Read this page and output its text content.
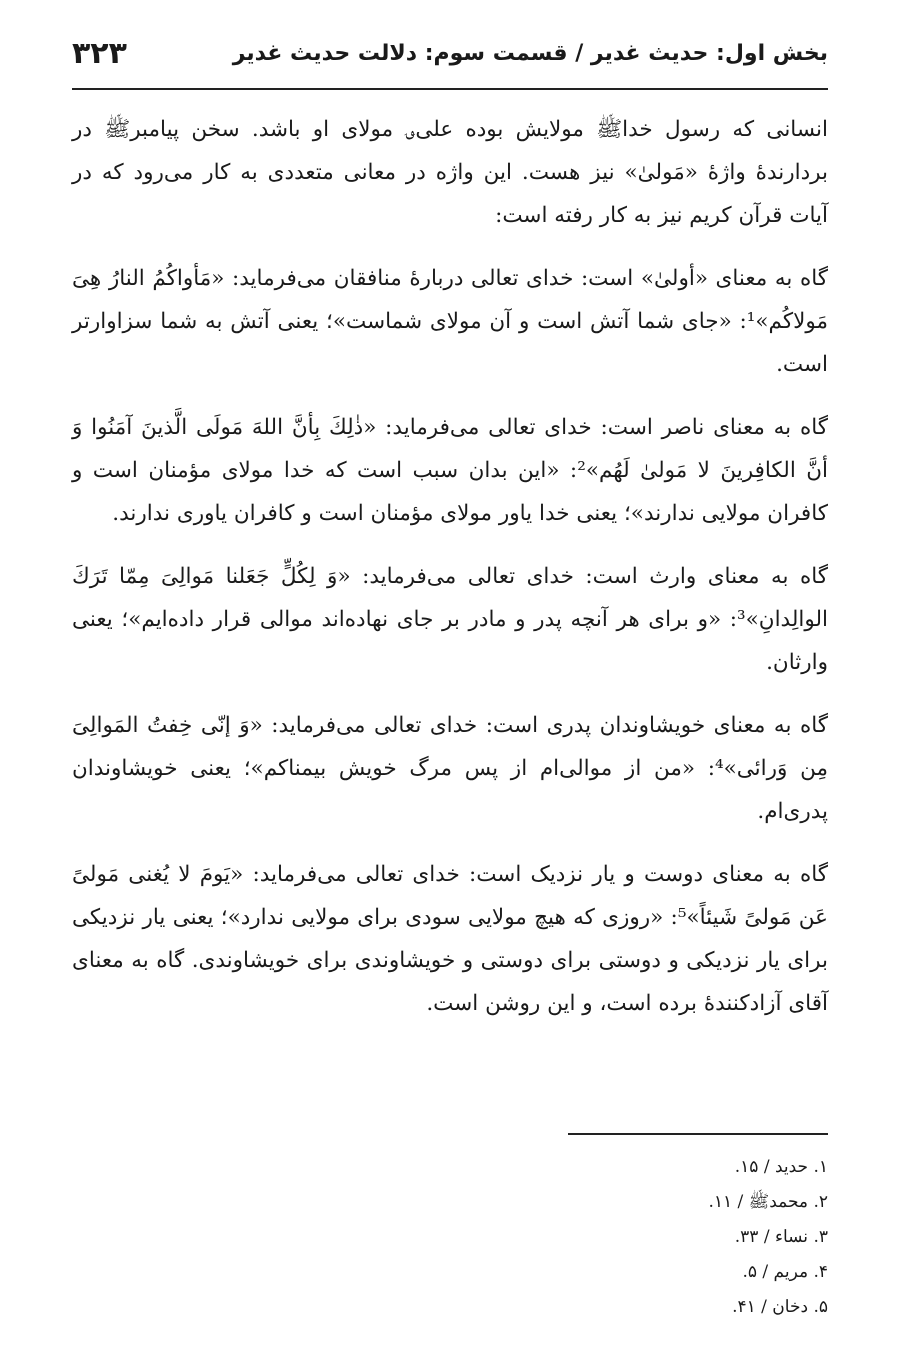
بخش اول: حدیث غدیر / قسمت سوم: دلالت حدیث غدیر
۳۲۳

انسانی که رسول خداﷺ مولایش بوده علی؈ مولای او باشد. سخن پیامبرﷺ در بردارندهٔ واژهٔ «مَولیٰ» نیز هست. این واژه در معانی متعددی به کار می‌رود که در آیات قرآن کریم نیز به کار رفته است:

گاه به معنای «أولیٰ» است: خدای تعالی دربارهٔ منافقان می‌فرماید: «مَأواکُمُ النارُ هِیَ مَولاکُم»¹: «جای شما آتش است و آن مولای شماست»؛ یعنی آتش به شما سزاوارتر است.

گاه به معنای ناصر است: خدای تعالی می‌فرماید: «ذٰلِكَ بِأنَّ اللهَ مَولَی الَّذینَ آمَنُوا وَ أنَّ الکافِرینَ لا مَولیٰ لَهُم»²: «این بدان سبب است که خدا مولای مؤمنان است و کافران مولایی ندارند»؛ یعنی خدا یاور مولای مؤمنان است و کافران یاوری ندارند.

گاه به معنای وارث است: خدای تعالی می‌فرماید: «وَ لِكُلٍّ جَعَلنا مَوالِیَ مِمّا تَرَكَ الوالِدانِ»³: «و برای هر آنچه پدر و مادر بر جای نهاده‌اند موالی قرار داده‌ایم»؛ یعنی وارثان.

گاه به معنای خویشاوندان پدری است: خدای تعالی می‌فرماید: «وَ إنّی خِفتُ المَوالِیَ مِن وَرائی»⁴: «من از موالی‌ام از پس مرگ خویش بیمناکم»؛ یعنی خویشاوندان پدری‌ام.

گاه به معنای دوست و یار نزدیک است: خدای تعالی می‌فرماید: «یَومَ لا یُغنی مَولیً عَن مَولیً شَیئاً»⁵: «روزی که هیچ مولایی سودی برای مولایی ندارد»؛ یعنی یار نزدیکی برای یار نزدیکی و دوستی برای دوستی و خویشاوندی برای خویشاوندی. گاه به معنای آقای آزادکنندهٔ برده است، و این روشن است.

۱. حدید / ۱۵.
۲. محمدﷺ / ۱۱.
۳. نساء / ۳۳.
۴. مریم / ۵.
۵. دخان / ۴۱.
